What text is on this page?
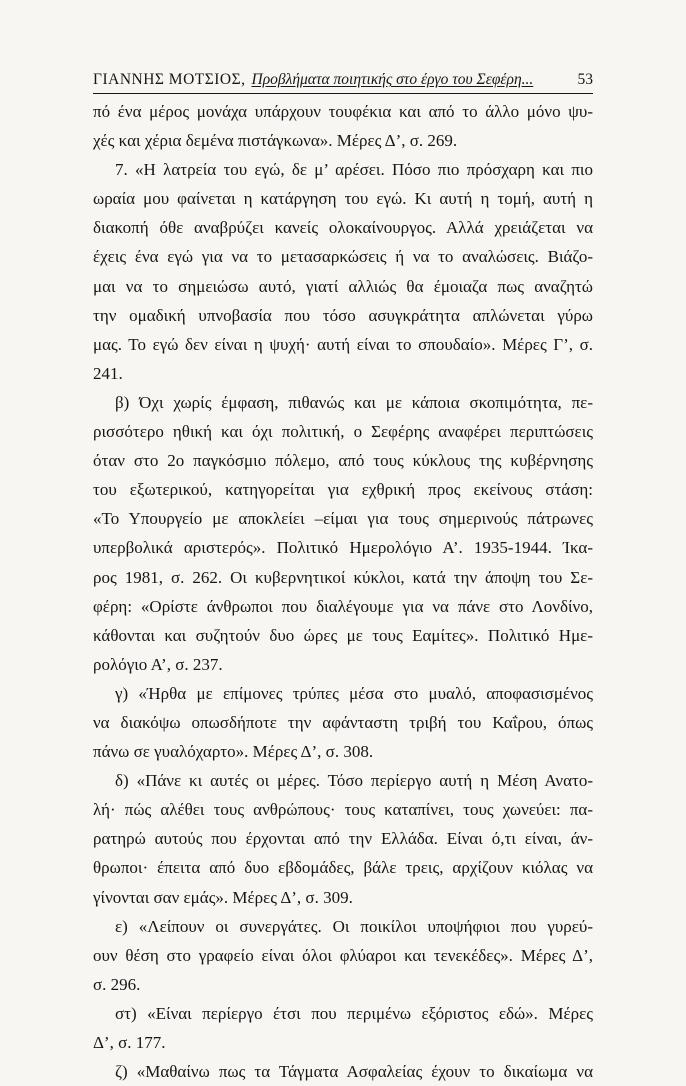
ΓΙΑΝΝΗΣ ΜΟΤΣΙΟΣ, Προβλήματα ποιητικής στο έργο του Σεφέρη...	53
πό ένα μέρος μονάχα υπάρχουν τουφέκια και από το άλλο μόνο ψυ-
χές και χέρια δεμένα πιστάγκωνα». Μέρες Δ’, σ. 269.
7. «Η λατρεία του εγώ, δε μ’ αρέσει. Πόσο πιο πρόσχαρη και πιο
ωραία μου φαίνεται η κατάργηση του εγώ. Κι αυτή η τομή, αυτή η
διακοπή όθε αναβρύζει κανείς ολοκαίνουργος. Αλλά χρειάζεται να
έχεις ένα εγώ για να το μετασαρκώσεις ή να το αναλώσεις. Βιάζο-
μαι να το σημειώσω αυτό, γιατί αλλιώς θα έμοιαζα πως αναζητώ
την ομαδική υπνοβασία που τόσο ασυγκράτητα απλώνεται γύρω
μας. Το εγώ δεν είναι η ψυχή· αυτή είναι το σπουδαίο». Μέρες Γ’, σ.
241.
β) Όχι χωρίς έμφαση, πιθανώς και με κάποια σκοπιμότητα, πε-
ρισσότερο ηθική και όχι πολιτική, ο Σεφέρης αναφέρει περιπτώσεις
όταν στο 2ο παγκόσμιο πόλεμο, από τους κύκλους της κυβέρνησης
του εξωτερικού, κατηγορείται για εχθρική προς εκείνους στάση:
«Το Υπουργείο με αποκλείει –είμαι για τους σημερινούς πάτρωνες
υπερβολικά αριστερός». Πολιτικό Ημερολόγιο Α’. 1935-1944. Ίκα-
ρος 1981, σ. 262. Οι κυβερνητικοί κύκλοι, κατά την άποψη του Σε-
φέρη: «Ορίστε άνθρωποι που διαλέγουμε για να πάνε στο Λονδίνο,
κάθονται και συζητούν δυο ώρες με τους Εαμίτες». Πολιτικό Ημε-
ρολόγιο Α’, σ. 237.
γ) «Ήρθα με επίμονες τρύπες μέσα στο μυαλό, αποφασισμένος
να διακόψω οπωσδήποτε την αφάνταστη τριβή του Καΐρου, όπως
πάνω σε γυαλόχαρτο». Μέρες Δ’, σ. 308.
δ) «Πάνε κι αυτές οι μέρες. Τόσο περίεργο αυτή η Μέση Ανατο-
λή· πώς αλέθει τους ανθρώπους· τους καταπίνει, τους χωνεύει: πα-
ρατηρώ αυτούς που έρχονται από την Ελλάδα. Είναι ό,τι είναι, άν-
θρωποι· έπειτα από δυο εβδομάδες, βάλε τρεις, αρχίζουν κιόλας να
γίνονται σαν εμάς». Μέρες Δ’, σ. 309.
ε) «Λείπουν οι συνεργάτες. Οι ποικίλοι υποψήφιοι που γυρεύ-
ουν θέση στο γραφείο είναι όλοι φλύαροι και τενεκέδες». Μέρες Δ’,
σ. 296.
στ) «Είναι περίεργο έτσι που περιμένω εξόριστος εδώ». Μέρες
Δ’, σ. 177.
ζ) «Μαθαίνω πως τα Τάγματα Ασφαλείας έχουν το δικαίωμα να
